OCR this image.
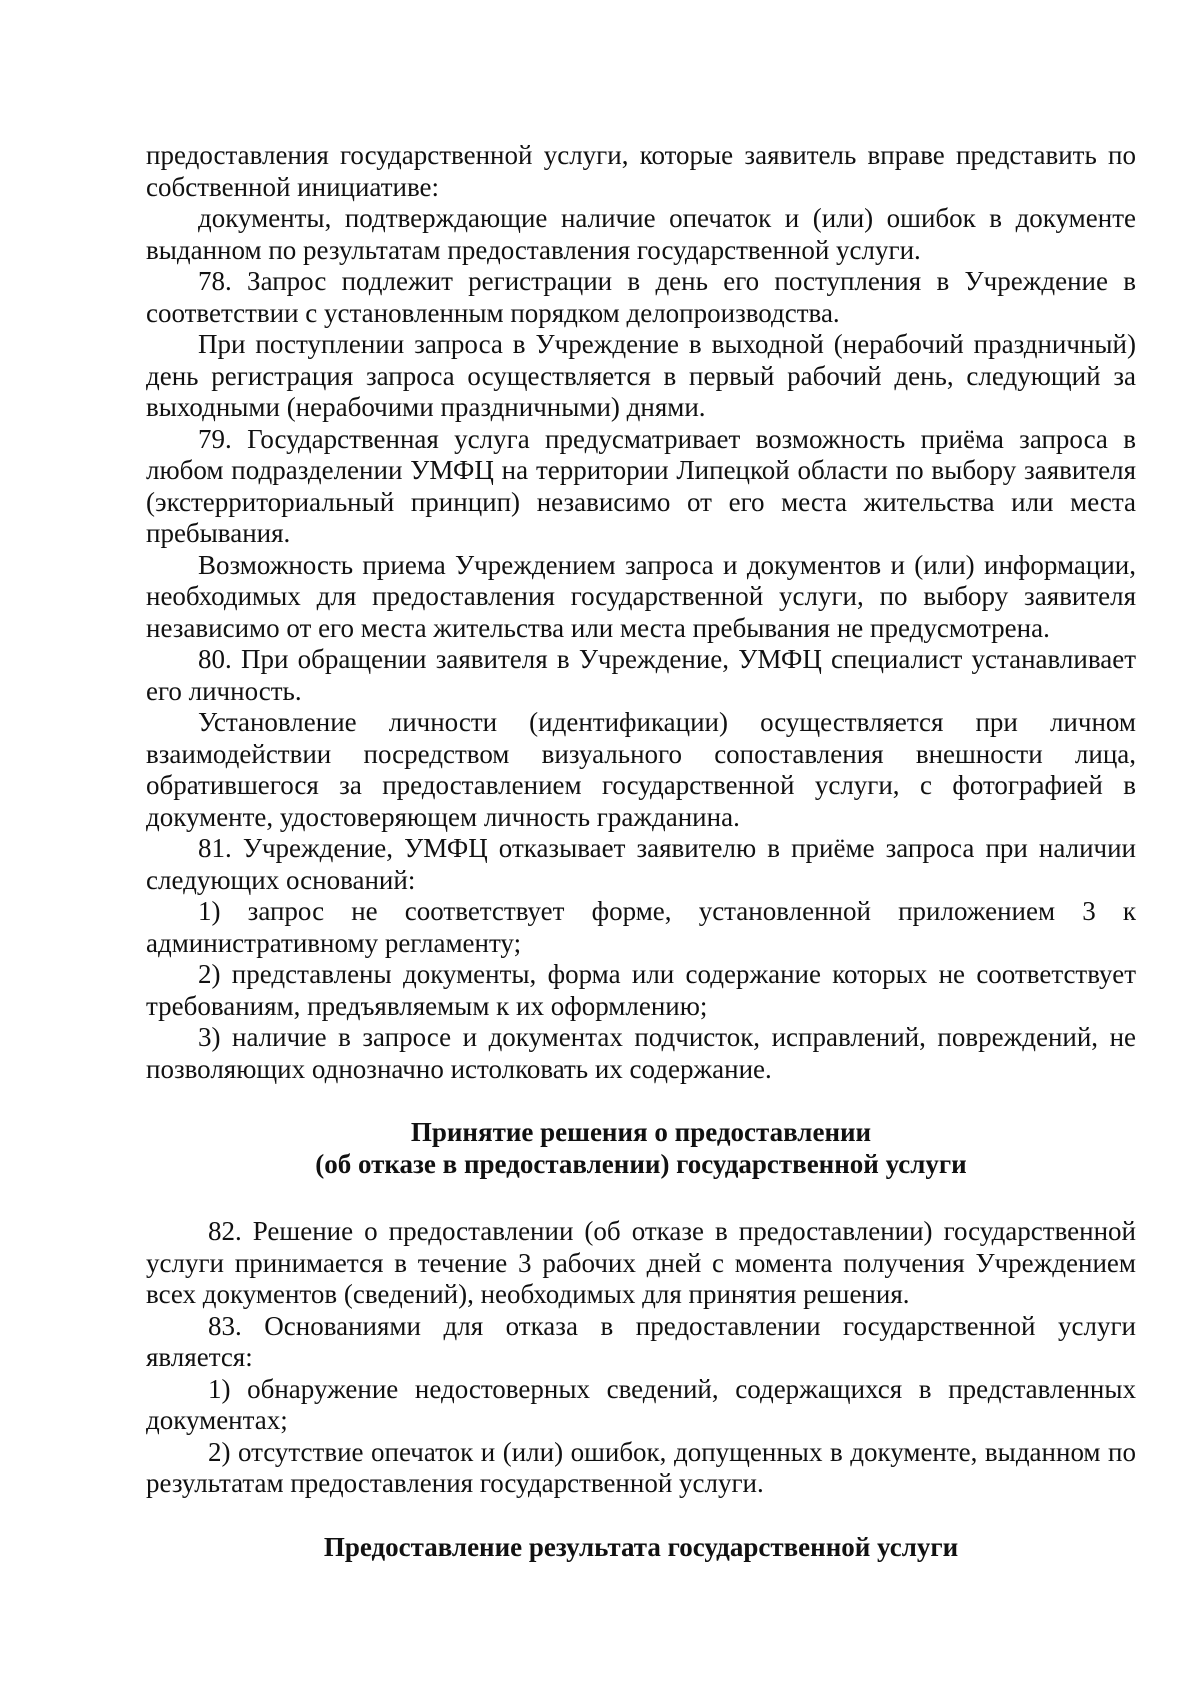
предоставления государственной услуги, которые заявитель вправе представить по собственной инициативе:

документы, подтверждающие наличие опечаток и (или) ошибок в документе выданном по результатам предоставления государственной услуги.

78. Запрос подлежит регистрации в день его поступления в Учреждение в соответствии с установленным порядком делопроизводства.

При поступлении запроса в Учреждение в выходной (нерабочий праздничный) день регистрация запроса осуществляется в первый рабочий день, следующий за выходными (нерабочими праздничными) днями.

79. Государственная услуга предусматривает возможность приёма запроса в любом подразделении УМФЦ на территории Липецкой области по выбору заявителя (экстерриториальный принцип) независимо от его места жительства или места пребывания.

Возможность приема Учреждением запроса и документов и (или) информации, необходимых для предоставления государственной услуги, по выбору заявителя независимо от его места жительства или места пребывания не предусмотрена.

80. При обращении заявителя в Учреждение, УМФЦ специалист устанавливает его личность.

Установление личности (идентификации) осуществляется при личном взаимодействии посредством визуального сопоставления внешности лица, обратившегося за предоставлением государственной услуги, с фотографией в документе, удостоверяющем личность гражданина.

81. Учреждение, УМФЦ отказывает заявителю в приёме запроса при наличии следующих оснований:

1) запрос не соответствует форме, установленной приложением 3 к административному регламенту;

2) представлены документы, форма или содержание которых не соответствует требованиям, предъявляемым к их оформлению;

3) наличие в запросе и документах подчисток, исправлений, повреждений, не позволяющих однозначно истолковать их содержание.

Принятие решения о предоставлении

(об отказе в предоставлении) государственной услуги

82. Решение о предоставлении (об отказе в предоставлении) государственной услуги принимается в течение 3 рабочих дней с момента получения Учреждением всех документов (сведений), необходимых для принятия решения.

83. Основаниями для отказа в предоставлении государственной услуги является:

1) обнаружение недостоверных сведений, содержащихся в представленных документах;

2) отсутствие опечаток и (или) ошибок, допущенных в документе, выданном по результатам предоставления государственной услуги.

Предоставление результата государственной услуги
